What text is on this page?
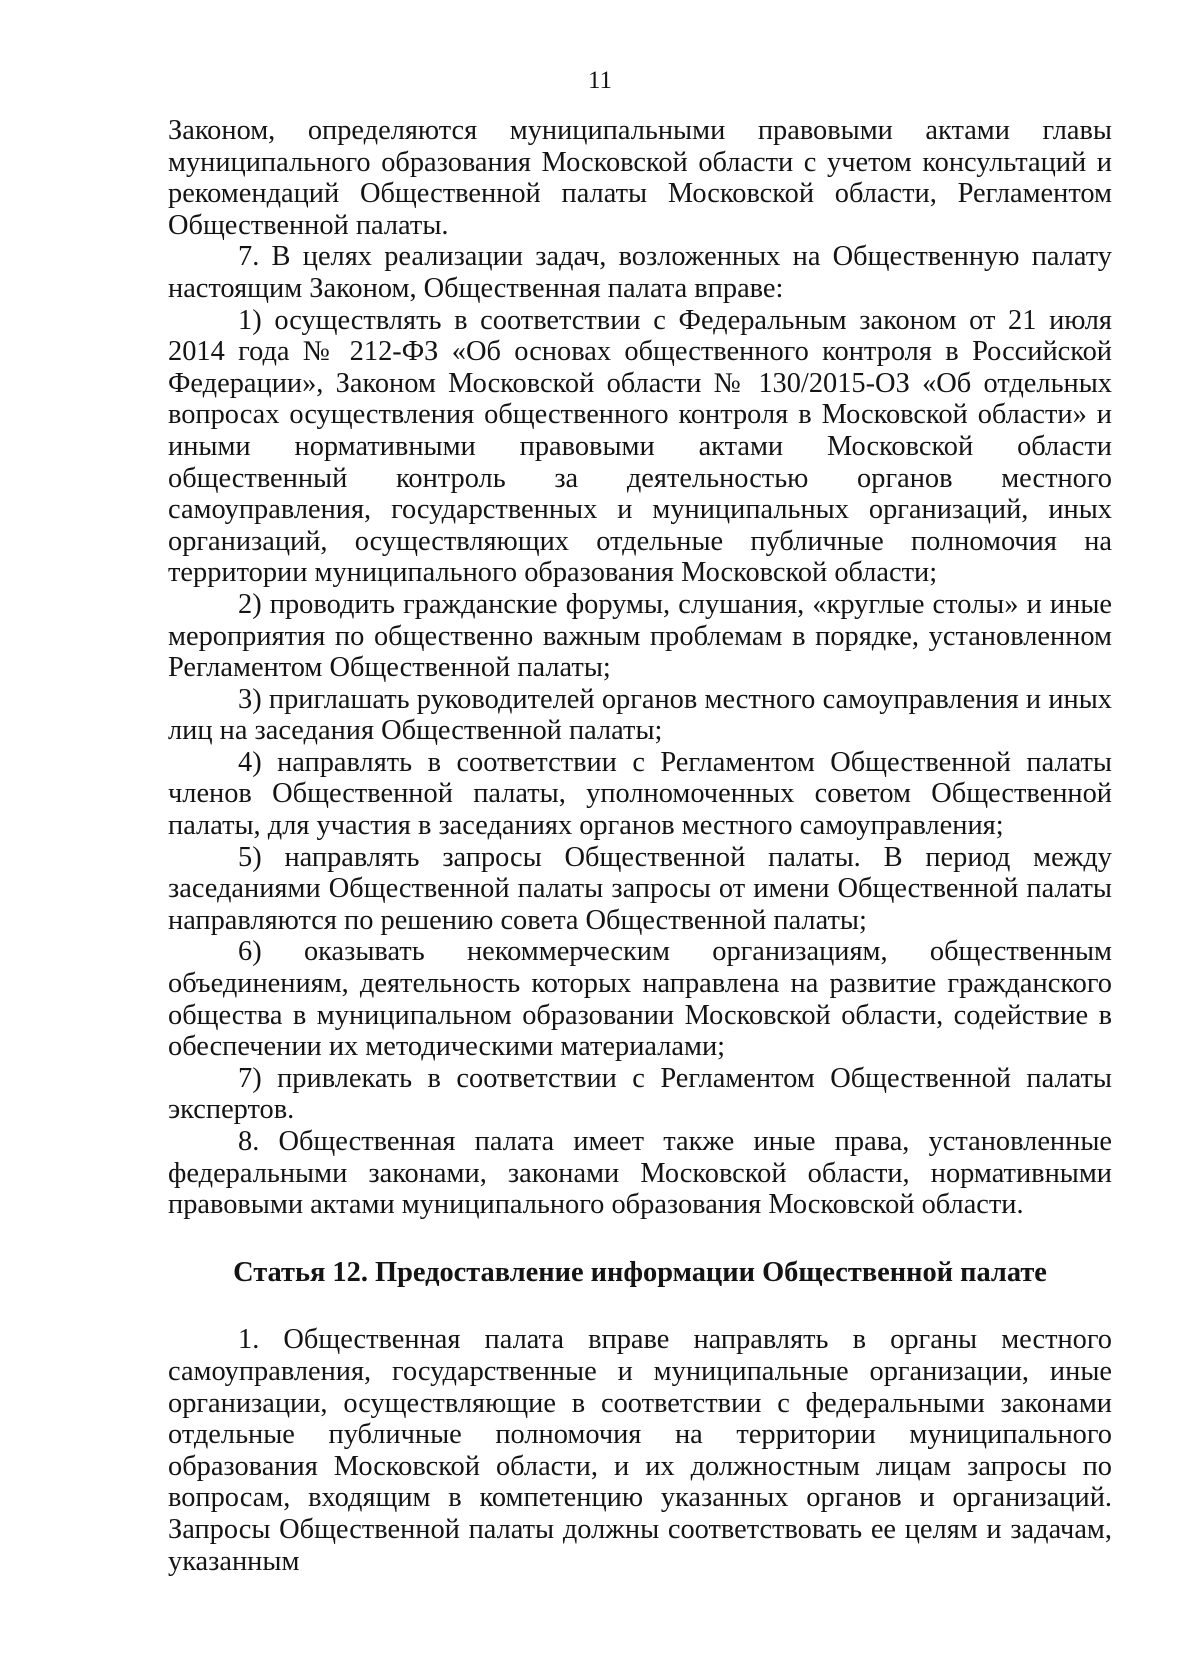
11

Законом, определяются муниципальными правовыми актами главы муниципального образования Московской области с учетом консультаций и рекомендаций Общественной палаты Московской области, Регламентом Общественной палаты.

7. В целях реализации задач, возложенных на Общественную палату настоящим Законом, Общественная палата вправе:

1) осуществлять в соответствии с Федеральным законом от 21 июля 2014 года № 212-ФЗ «Об основах общественного контроля в Российской Федерации», Законом Московской области № 130/2015-ОЗ «Об отдельных вопросах осуществления общественного контроля в Московской области» и иными нормативными правовыми актами Московской области общественный контроль за деятельностью органов местного самоуправления, государственных и муниципальных организаций, иных организаций, осуществляющих отдельные публичные полномочия на территории муниципального образования Московской области;

2) проводить гражданские форумы, слушания, «круглые столы» и иные мероприятия по общественно важным проблемам в порядке, установленном Регламентом Общественной палаты;

3) приглашать руководителей органов местного самоуправления и иных лиц на заседания Общественной палаты;

4) направлять в соответствии с Регламентом Общественной палаты членов Общественной палаты, уполномоченных советом Общественной палаты, для участия в заседаниях органов местного самоуправления;

5) направлять запросы Общественной палаты. В период между заседаниями Общественной палаты запросы от имени Общественной палаты направляются по решению совета Общественной палаты;

6) оказывать некоммерческим организациям, общественным объединениям, деятельность которых направлена на развитие гражданского общества в муниципальном образовании Московской области, содействие в обеспечении их методическими материалами;

7) привлекать в соответствии с Регламентом Общественной палаты экспертов.

8. Общественная палата имеет также иные права, установленные федеральными законами, законами Московской области, нормативными правовыми актами муниципального образования Московской области.

Статья 12. Предоставление информации Общественной палате

1. Общественная палата вправе направлять в органы местного самоуправления, государственные и муниципальные организации, иные организации, осуществляющие в соответствии с федеральными законами отдельные публичные полномочия на территории муниципального образования Московской области, и их должностным лицам запросы по вопросам, входящим в компетенцию указанных органов и организаций. Запросы Общественной палаты должны соответствовать ее целям и задачам, указанным
